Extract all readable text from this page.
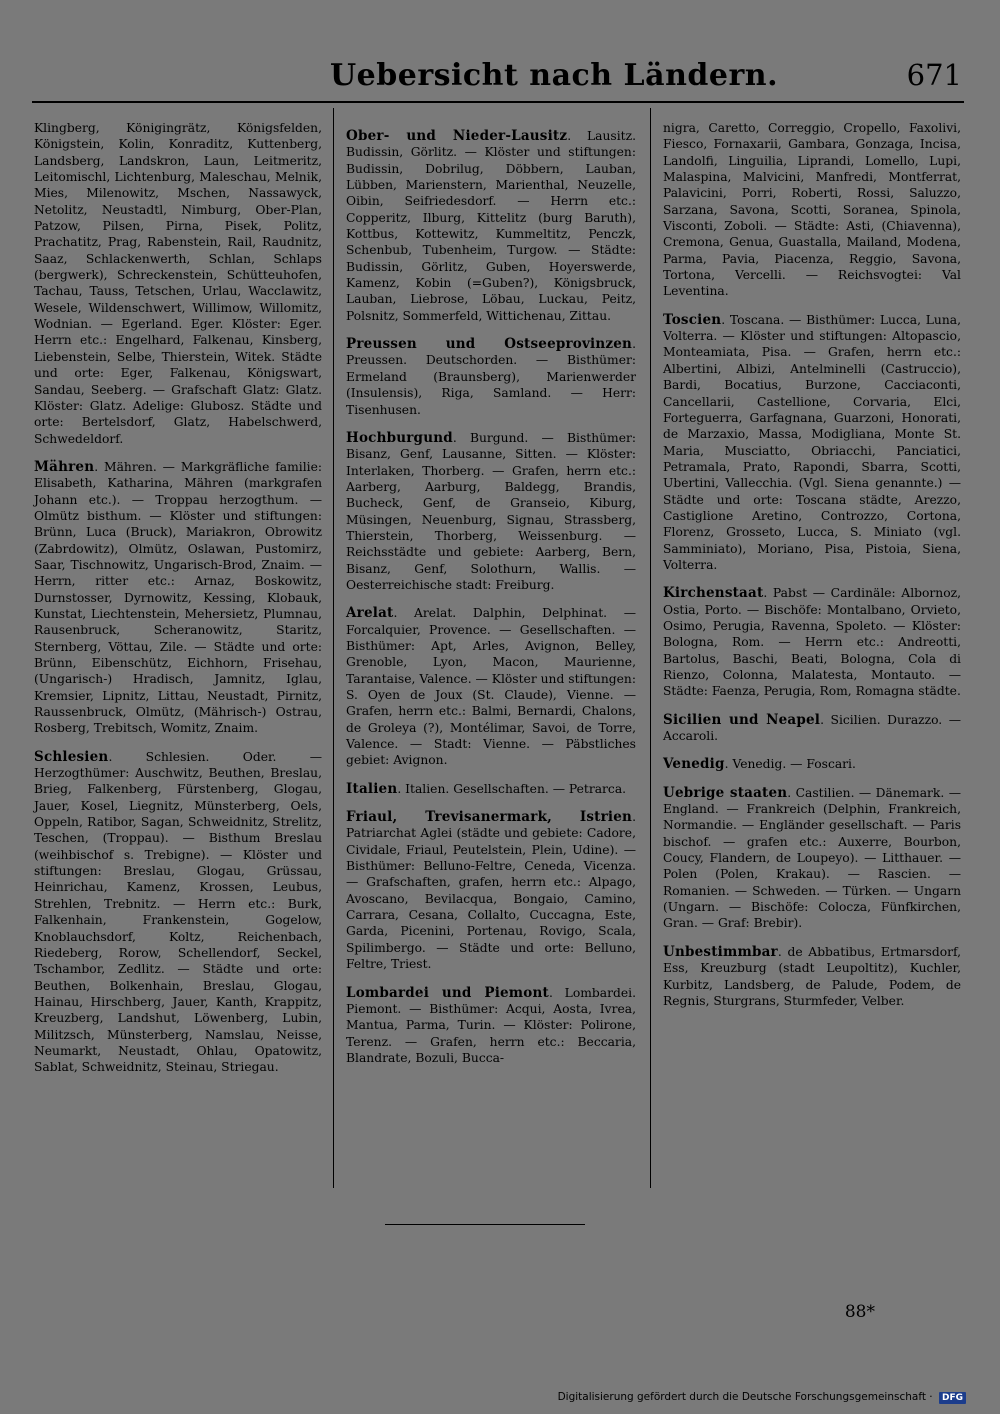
Uebersicht nach Ländern.	671

Klingberg, Königingrätz, Königsfelden, Königstein, Kolin, Konraditz, Kuttenberg, Landsberg, Landskron, Laun, Leitmeritz, Leitomischl, Lichtenburg, Maleschau, Melnik, Mies, Milenowitz, Mschen, Nassawyck, Netolitz, Neustadtl, Nimburg, Ober-Plan, Patzow, Pilsen, Pirna, Pisek, Politz, Prachatitz, Prag, Rabenstein, Rail, Raudnitz, Saaz, Schlackenwerth, Schlan, Schlaps (bergwerk), Schreckenstein, Schütteuhofen, Tachau, Tauss, Tetschen, Urlau, Wacclawitz, Wesele, Wildenschwert, Willimow, Willomitz, Wodnian. — Egerland. Eger. Klöster: Eger. Herrn etc.: Engelhard, Falkenau, Kinsberg, Liebenstein, Selbe, Thierstein, Witek. Städte und orte: Eger, Falkenau, Königswart, Sandau, Seeberg. — Grafschaft Glatz: Glatz. Klöster: Glatz. Adelige: Glubosz. Städte und orte: Bertelsdorf, Glatz, Habelschwerd, Schwedeldorf.

Mähren. Mähren. — Markgräfliche familie: Elisabeth, Katharina, Mähren (markgrafen Johann etc.). — Troppau herzogthum. — Olmütz bisthum. — Klöster und stiftungen: Brünn, Luca (Bruck), Mariakron, Obrowitz (Zabrdowitz), Olmütz, Oslawan, Pustomirz, Saar, Tischnowitz, Ungarisch-Brod, Znaim. — Herrn, ritter etc.: Arnaz, Boskowitz, Durnstosser, Dyrnowitz, Kessing, Klobauk, Kunstat, Liechtenstein, Mehersietz, Plumnau, Rausenbruck, Scheranowitz, Staritz, Sternberg, Vöttau, Zile. — Städte und orte: Brünn, Eibenschütz, Eichhorn, Frisehau, (Ungarisch-) Hradisch, Jamnitz, Iglau, Kremsier, Lipnitz, Littau, Neustadt, Pirnitz, Raussenbruck, Olmütz, (Mährisch-) Ostrau, Rosberg, Trebitsch, Womitz, Znaim.

Schlesien. Schlesien. Oder. — Herzogthümer: Auschwitz, Beuthen, Breslau, Brieg, Falkenberg, Fürstenberg, Glogau, Jauer, Kosel, Liegnitz, Münsterberg, Oels, Oppeln, Ratibor, Sagan, Schweidnitz, Strelitz, Teschen, (Troppau). — Bisthum Breslau (weihbischof s. Trebigne). — Klöster und stiftungen: Breslau, Glogau, Grüssau, Heinrichau, Kamenz, Krossen, Leubus, Strehlen, Trebnitz. — Herrn etc.: Burk, Falkenhain, Frankenstein, Gogelow, Knoblauchsdorf, Koltz, Reichenbach, Riedeberg, Rorow, Schellendorf, Seckel, Tschambor, Zedlitz. — Städte und orte: Beuthen, Bolkenhain, Breslau, Glogau, Hainau, Hirschberg, Jauer, Kanth, Krappitz, Kreuzberg, Landshut, Löwenberg, Lubin, Militzsch, Münsterberg, Namslau, Neisse, Neumarkt, Neustadt, Ohlau, Opatowitz, Sablat, Schweidnitz, Steinau, Striegau.

Ober- und Nieder-Lausitz. Lausitz. Budissin, Görlitz. — Klöster und stiftungen: Budissin, Dobrilug, Döbbern, Lauban, Lübben, Marienstern, Marienthal, Neuzelle, Oibin, Seifriedesdorf. — Herrn etc.: Copperitz, Ilburg, Kittelitz (burg Baruth), Kottbus, Kottewitz, Kummeltitz, Penczk, Schenbub, Tubenheim, Turgow. — Städte: Budissin, Görlitz, Guben, Hoyerswerde, Kamenz, Kobin (=Guben?), Königsbruck, Lauban, Liebrose, Löbau, Luckau, Peitz, Polsnitz, Sommerfeld, Wittichenau, Zittau.

Preussen und Ostseeprovinzen. Preussen. Deutschorden. — Bisthümer: Ermeland (Braunsberg), Marienwerder (Insulensis), Riga, Samland. — Herr: Tisenhusen.

Hochburgund. Burgund. — Bisthümer: Bisanz, Genf, Lausanne, Sitten. — Klöster: Interlaken, Thorberg. — Grafen, herrn etc.: Aarberg, Aarburg, Baldegg, Brandis, Bucheck, Genf, de Granseio, Kiburg, Müsingen, Neuenburg, Signau, Strassberg, Thierstein, Thorberg, Weissenburg. — Reichsstädte und gebiete: Aarberg, Bern, Bisanz, Genf, Solothurn, Wallis. — Oesterreichische stadt: Freiburg.

Arelat. Arelat. Dalphin, Delphinat. — Forcalquier, Provence. — Gesellschaften. — Bisthümer: Apt, Arles, Avignon, Belley, Grenoble, Lyon, Macon, Maurienne, Tarantaise, Valence. — Klöster und stiftungen: S. Oyen de Joux (St. Claude), Vienne. — Grafen, herrn etc.: Balmi, Bernardi, Chalons, de Groleya (?), Montélimar, Savoi, de Torre, Valence. — Stadt: Vienne. — Päbstliches gebiet: Avignon.

Italien. Italien. Gesellschaften. — Petrarca.

Friaul, Trevisanermark, Istrien. Patriarchat Aglei (städte und gebiete: Cadore, Cividale, Friaul, Peutelstein, Plein, Udine). — Bisthümer: Belluno-Feltre, Ceneda, Vicenza. — Grafschaften, grafen, herrn etc.: Alpago, Avoscano, Bevilacqua, Bongaio, Camino, Carrara, Cesana, Collalto, Cuccagna, Este, Garda, Picenini, Portenau, Rovigo, Scala, Spilimbergo. — Städte und orte: Belluno, Feltre, Triest.

Lombardei und Piemont. Lombardei. Piemont. — Bisthümer: Acqui, Aosta, Ivrea, Mantua, Parma, Turin. — Klöster: Polirone, Terenz. — Grafen, herrn etc.: Beccaria, Blandrate, Bozuli, Bucca-

nigra, Caretto, Correggio, Cropello, Faxolivi, Fiesco, Fornaxarii, Gambara, Gonzaga, Incisa, Landolfi, Linguilia, Liprandi, Lomello, Lupi, Malaspina, Malvicini, Manfredi, Montferrat, Palavicini, Porri, Roberti, Rossi, Saluzzo, Sarzana, Savona, Scotti, Soranea, Spinola, Visconti, Zoboli. — Städte: Asti, (Chiavenna), Cremona, Genua, Guastalla, Mailand, Modena, Parma, Pavia, Piacenza, Reggio, Savona, Tortona, Vercelli. — Reichsvogtei: Val Leventina.

Toscien. Toscana. — Bisthümer: Lucca, Luna, Volterra. — Klöster und stiftungen: Altopascio, Monteamiata, Pisa. — Grafen, herrn etc.: Albertini, Albizi, Antelminelli (Castruccio), Bardi, Bocatius, Burzone, Cacciaconti, Cancellarii, Castellione, Corvaria, Elci, Forteguerra, Garfagnana, Guarzoni, Honorati, de Marzaxio, Massa, Modigliana, Monte St. Maria, Musciatto, Obriacchi, Panciatici, Petramala, Prato, Rapondi, Sbarra, Scotti, Ubertini, Vallecchia. (Vgl. Siena genannte.) — Städte und orte: Toscana städte, Arezzo, Castiglione Aretino, Controzzo, Cortona, Florenz, Grosseto, Lucca, S. Miniato (vgl. Samminiato), Moriano, Pisa, Pistoia, Siena, Volterra.

Kirchenstaat. Pabst — Cardinäle: Albornoz, Ostia, Porto. — Bischöfe: Montalbano, Orvieto, Osimo, Perugia, Ravenna, Spoleto. — Klöster: Bologna, Rom. — Herrn etc.: Andreotti, Bartolus, Baschi, Beati, Bologna, Cola di Rienzo, Colonna, Malatesta, Montauto. — Städte: Faenza, Perugia, Rom, Romagna städte.

Sicilien und Neapel. Sicilien. Durazzo. — Accaroli.

Venedig. Venedig. — Foscari.

Uebrige staaten. Castilien. — Dänemark. — England. — Frankreich (Delphin, Frankreich, Normandie. — Engländer gesellschaft. — Paris bischof. — grafen etc.: Auxerre, Bourbon, Coucy, Flandern, de Loupeyo). — Litthauer. — Polen (Polen, Krakau). — Rascien. — Romanien. — Schweden. — Türken. — Ungarn (Ungarn. — Bischöfe: Colocza, Fünfkirchen, Gran. — Graf: Brebir).

Unbestimmbar. de Abbatibus, Ertmarsdorf, Ess, Kreuzburg (stadt Leupoltitz), Kuchler, Kurbitz, Landsberg, de Palude, Podem, de Regnis, Sturgrans, Sturmfeder, Velber.

88*
Digitalisierung gefördert durch die Deutsche Forschungsgemeinschaft · DFG
